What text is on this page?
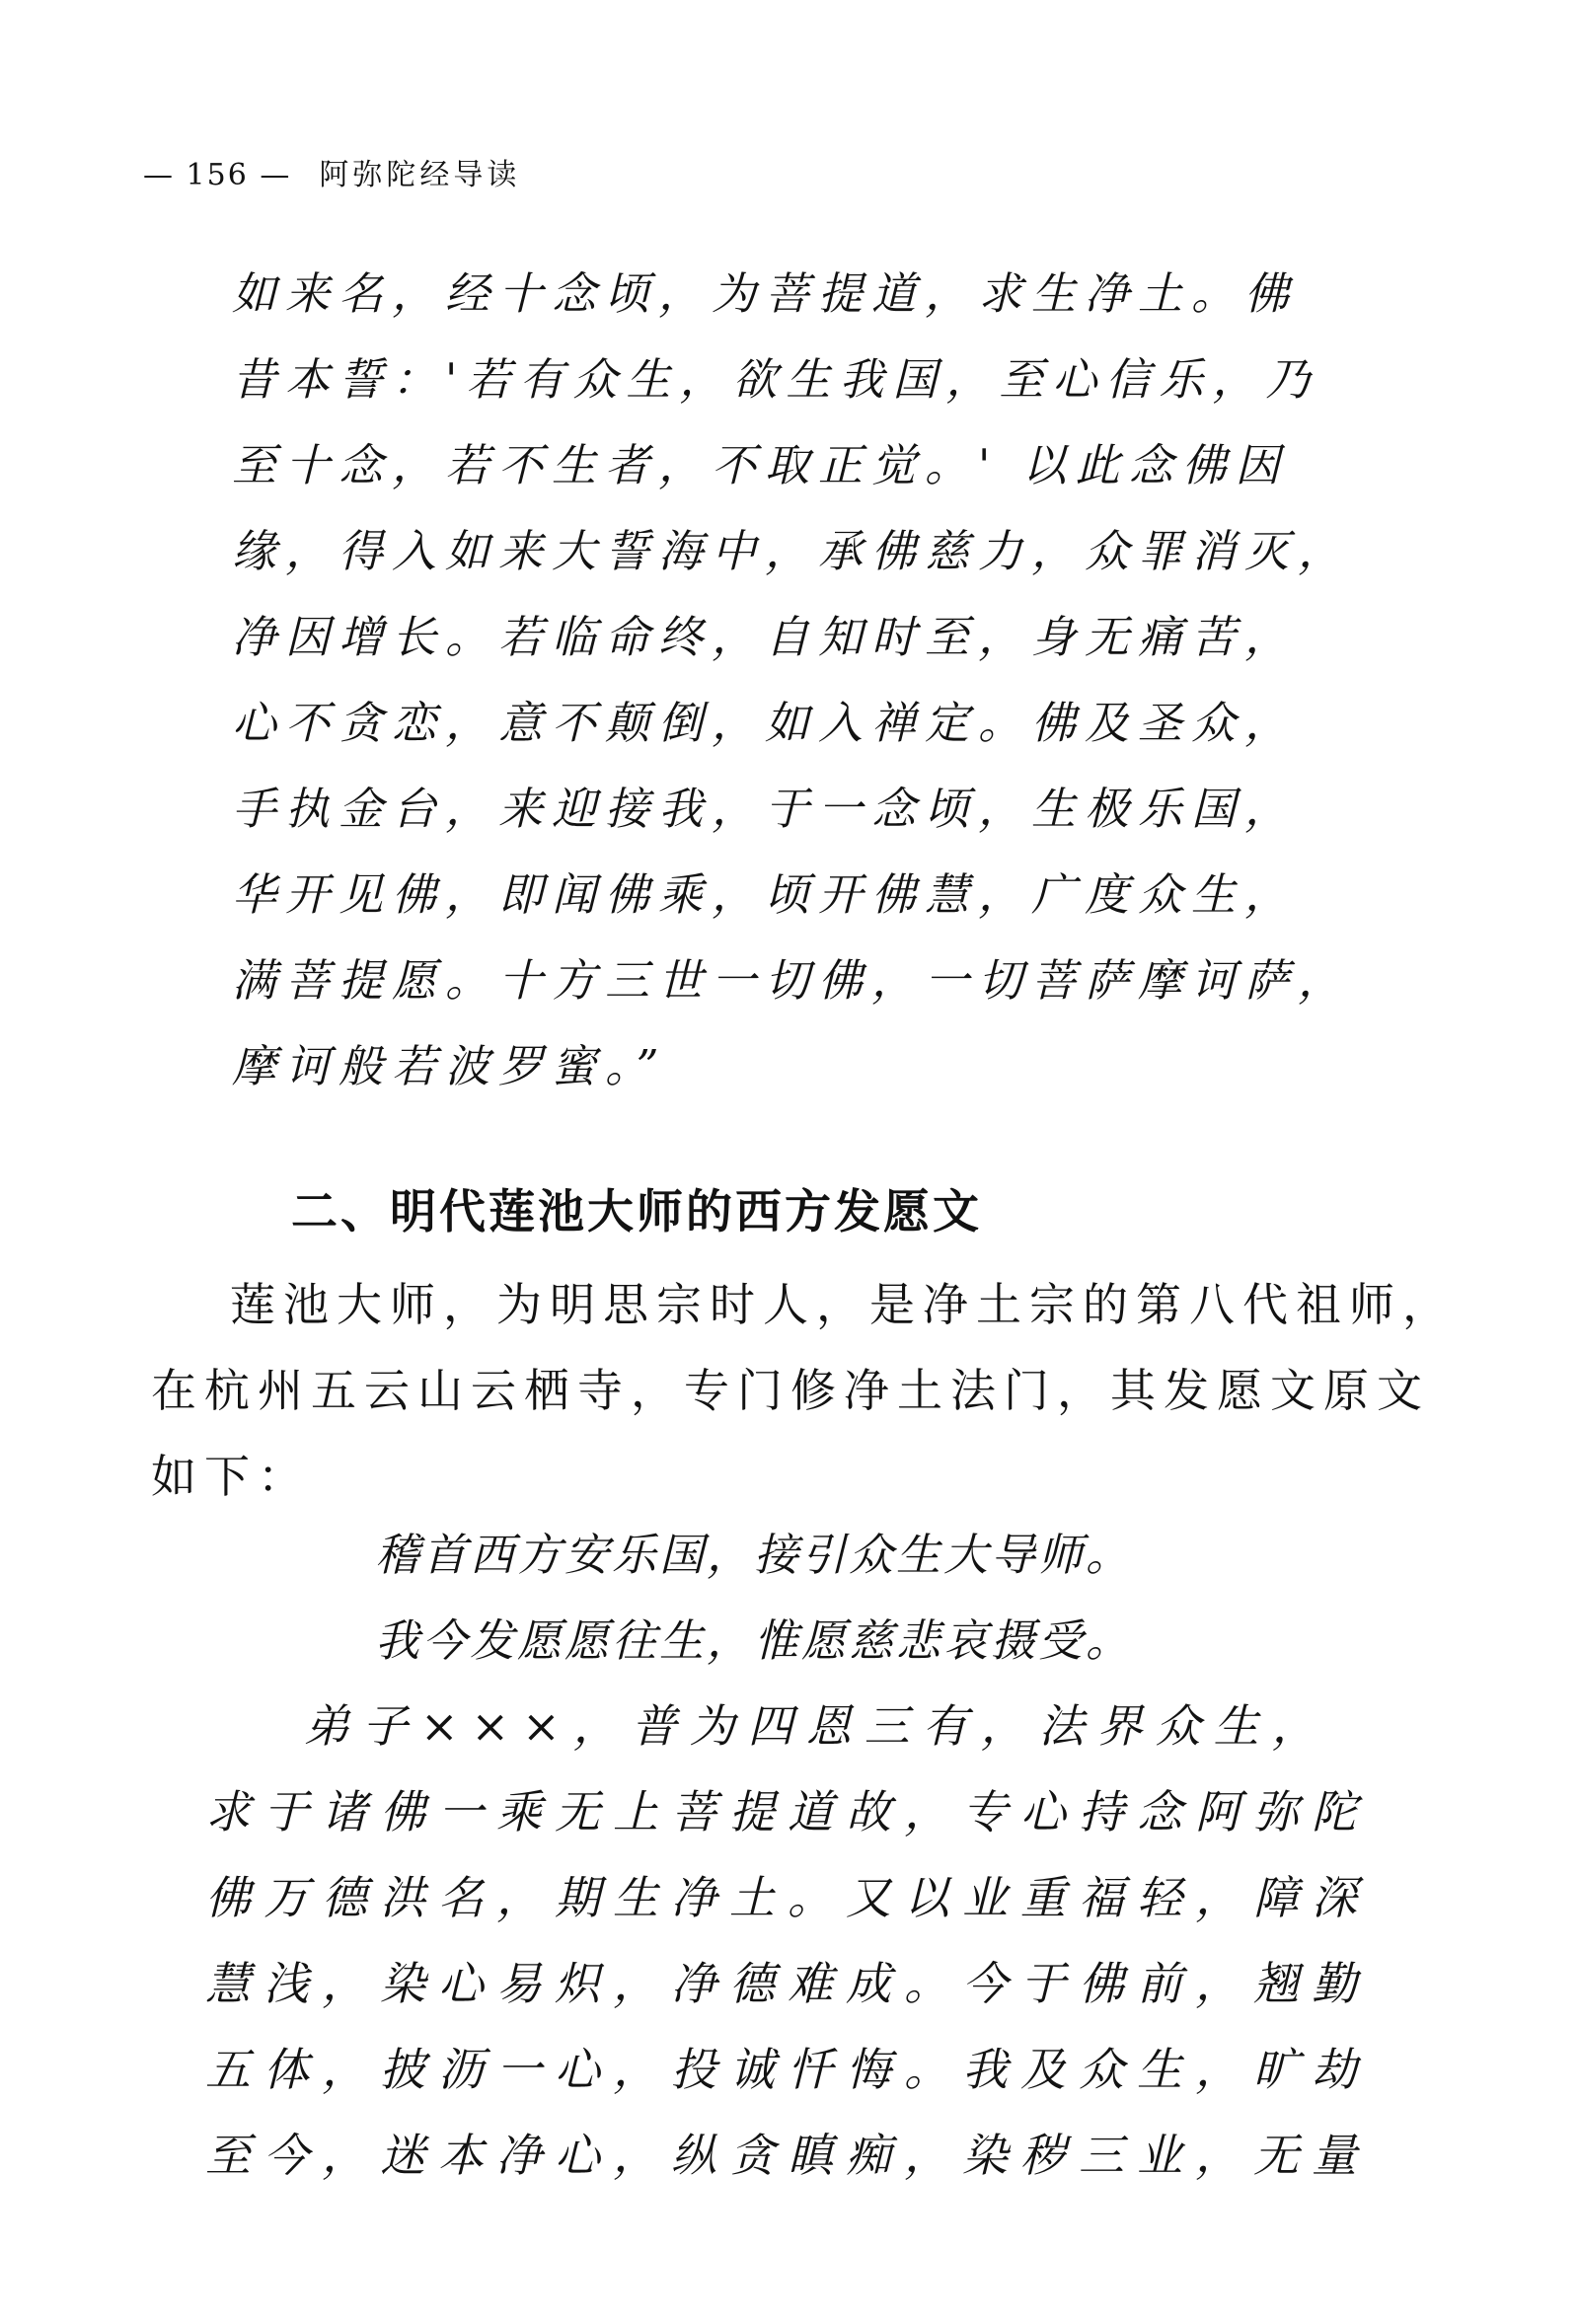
— 156 — 阿弥陀经导读
如来名，经十念顷，为菩提道，求生净土。佛
昔本誓：'若有众生，欲生我国，至心信乐，乃
至十念，若不生者，不取正觉。' 以此念佛因
缘，得入如来大誓海中，承佛慈力，众罪消灭，
净因增长。若临命终，自知时至，身无痛苦，
心不贪恋，意不颠倒，如入禅定。佛及圣众，
手执金台，来迎接我，于一念顷，生极乐国，
华开见佛，即闻佛乘，顷开佛慧，广度众生，
满菩提愿。十方三世一切佛，一切菩萨摩诃萨，
摩诃般若波罗蜜。”
二、明代莲池大师的西方发愿文
莲池大师，为明思宗时人，是净土宗的第八代祖师，
在杭州五云山云栖寺，专门修净土法门，其发愿文原文
如下：
稽首西方安乐国，接引众生大导师。
我今发愿愿往生，惟愿慈悲哀摄受。
弟子×××，普为四恩三有，法界众生，
求于诸佛一乘无上菩提道故，专心持念阿弥陀
佛万德洪名，期生净土。又以业重福轻，障深
慧浅，染心易炽，净德难成。今于佛前，翘勤
五体，披沥一心，投诚忏悔。我及众生，旷劫
至今，迷本净心，纵贪瞋痴，染秽三业，无量
